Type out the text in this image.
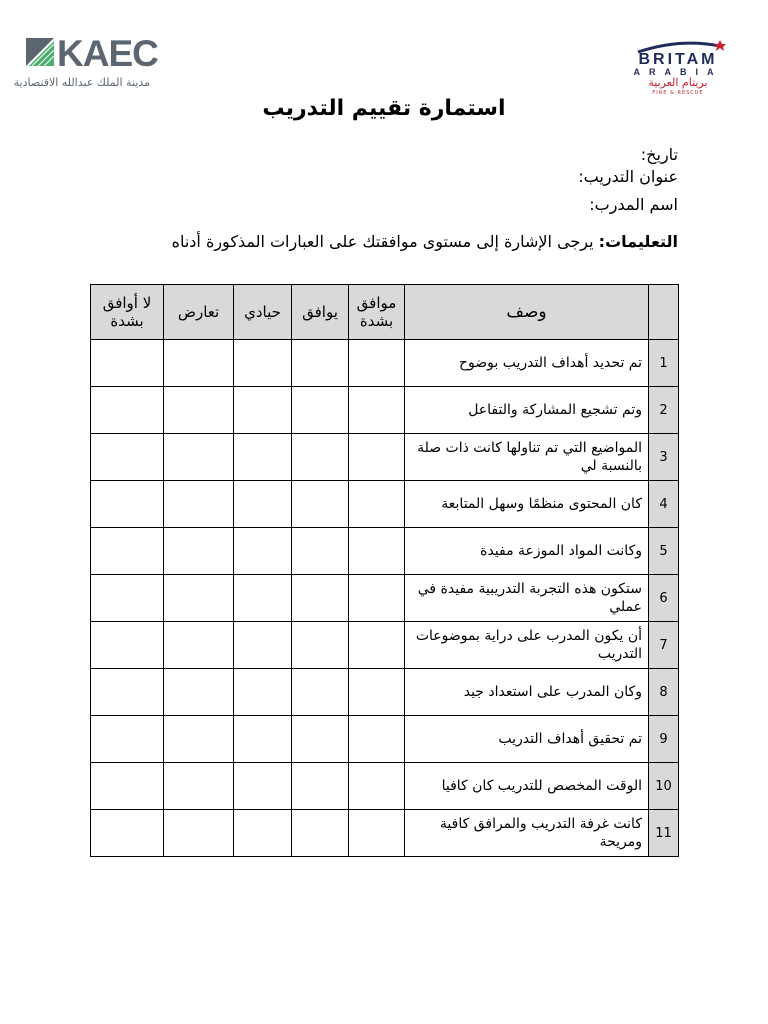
KAEC
مدينة الملك عبدالله الاقتصادية
BRITAM
ARABIA
بريتام العربية
FIRE & RESCUE
استمارة تقييم التدريب
تاريخ:
عنوان التدريب:
اسم المدرب:
التعليمات: يرجى الإشارة إلى مستوى موافقتك على العبارات المذكورة أدناه
	وصف	موافق بشدة	يوافق	حيادي	تعارض	لا أوافق بشدة
1	تم تحديد أهداف التدريب بوضوح					
2	وتم تشجيع المشاركة والتفاعل					
3	المواضيع التي تم تناولها كانت ذات صلة بالنسبة لي					
4	كان المحتوى منظمًا وسهل المتابعة					
5	وكانت المواد الموزعة مفيدة					
6	ستكون هذه التجربة التدريبية مفيدة في عملي					
7	أن يكون المدرب على دراية بموضوعات التدريب					
8	وكان المدرب على استعداد جيد					
9	تم تحقيق أهداف التدريب					
10	الوقت المخصص للتدريب كان كافيا					
11	كانت غرفة التدريب والمرافق كافية ومريحة					
